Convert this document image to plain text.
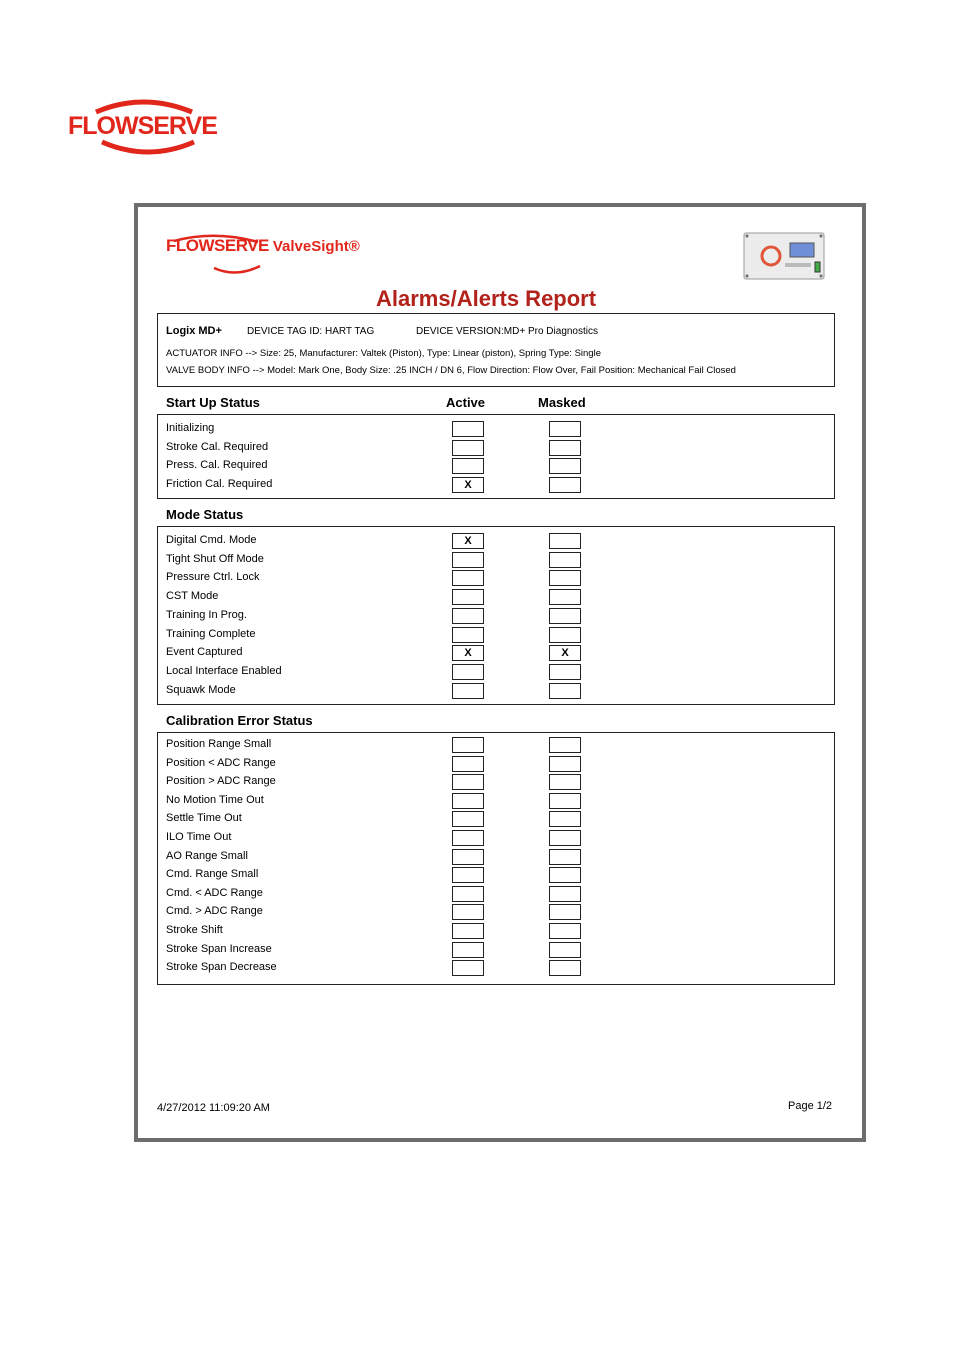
FLOWSERVE
FLOWSERVE ValveSight®
Alarms/Alerts Report
Logix MD+	DEVICE TAG ID: HART TAG	DEVICE VERSION:MD+ Pro Diagnostics
ACTUATOR INFO --> Size: 25, Manufacturer: Valtek (Piston), Type: Linear (piston), Spring Type: Single
VALVE BODY INFO --> Model: Mark One, Body Size: .25 INCH / DN 6, Flow Direction: Flow Over, Fail Position: Mechanical Fail Closed
Start Up Status	Active	Masked
Initializing
Stroke Cal. Required
Press. Cal. Required
Friction Cal. Required	X
Mode Status
Digital Cmd. Mode	X
Tight Shut Off Mode
Pressure Ctrl. Lock
CST Mode
Training In Prog.
Training Complete
Event Captured	X	X
Local Interface Enabled
Squawk Mode
Calibration Error Status
Position Range Small
Position < ADC Range
Position > ADC Range
No Motion Time Out
Settle Time Out
ILO Time Out
AO Range Small
Cmd. Range Small
Cmd. < ADC Range
Cmd. > ADC Range
Stroke Shift
Stroke Span Increase
Stroke Span Decrease
4/27/2012 11:09:20 AM	Page 1/2
